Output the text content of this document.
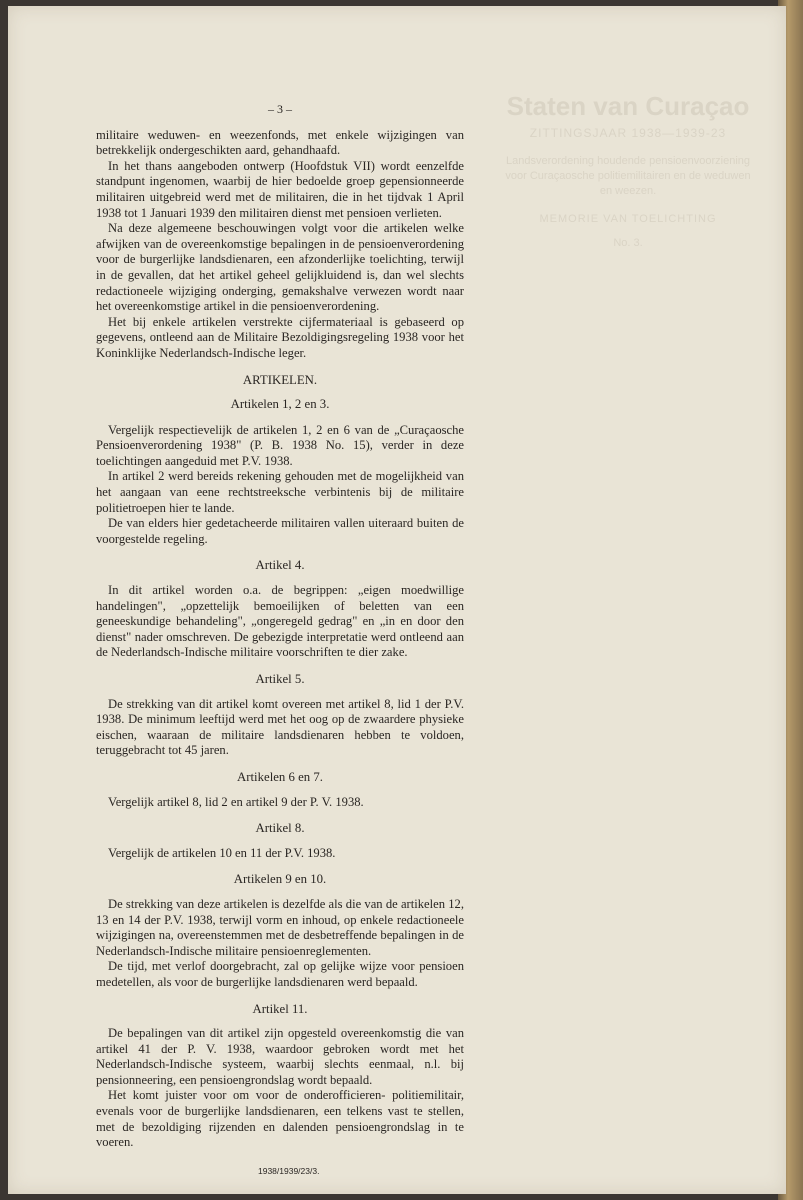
Staten van Curaçao
ZITTINGSJAAR 1938—1939-23
Landsverordening houdende pensioenvoorziening voor Curaçaosche politiemilitairen en de weduwen en weezen.
MEMORIE VAN TOELICHTING
No. 3.
– 3 –

militaire weduwen- en weezenfonds, met enkele wijzigingen van betrekkelijk ondergeschikten aard, gehandhaafd.

In het thans aangeboden ontwerp (Hoofdstuk VII) wordt eenzelfde standpunt ingenomen, waarbij de hier bedoelde groep gepensionneerde militairen uitgebreid werd met de militairen, die in het tijdvak 1 April 1938 tot 1 Januari 1939 den militairen dienst met pensioen verlieten.

Na deze algemeene beschouwingen volgt voor die artikelen welke afwijken van de overeenkomstige bepalingen in de pensioenverordening voor de burgerlijke landsdienaren, een afzonderlijke toelichting, terwijl in de gevallen, dat het artikel geheel gelijkluidend is, dan wel slechts redactioneele wijziging onderging, gemakshalve verwezen wordt naar het overeenkomstige artikel in die pensioenverordening.

Het bij enkele artikelen verstrekte cijfermateriaal is gebaseerd op gegevens, ontleend aan de Militaire Bezoldigingsregeling 1938 voor het Koninklijke Nederlandsch-Indische leger.

ARTIKELEN.
Artikelen 1, 2 en 3.

Vergelijk respectievelijk de artikelen 1, 2 en 6 van de „Curaçaosche Pensioenverordening 1938" (P. B. 1938 No. 15), verder in deze toelichtingen aangeduid met P.V. 1938.

In artikel 2 werd bereids rekening gehouden met de mogelijkheid van het aangaan van eene rechtstreeksche verbintenis bij de militaire politietroepen hier te lande.

De van elders hier gedetacheerde militairen vallen uiteraard buiten de voorgestelde regeling.

Artikel 4.

In dit artikel worden o.a. de begrippen: „eigen moedwillige handelingen", „opzettelijk bemoeilijken of beletten van een geneeskundige behandeling", „ongeregeld gedrag" en „in en door den dienst" nader omschreven. De gebezigde interpretatie werd ontleend aan de Nederlandsch-Indische militaire voorschriften te dier zake.

Artikel 5.

De strekking van dit artikel komt overeen met artikel 8, lid 1 der P.V. 1938. De minimum leeftijd werd met het oog op de zwaardere physieke eischen, waaraan de militaire landsdienaren hebben te voldoen, teruggebracht tot 45 jaren.

Artikelen 6 en 7.

Vergelijk artikel 8, lid 2 en artikel 9 der P. V. 1938.

Artikel 8.

Vergelijk de artikelen 10 en 11 der P.V. 1938.

Artikelen 9 en 10.

De strekking van deze artikelen is dezelfde als die van de artikelen 12, 13 en 14 der P.V. 1938, terwijl vorm en inhoud, op enkele redactioneele wijzigingen na, overeenstemmen met de desbetreffende bepalingen in de Nederlandsch-Indische militaire pensioenreglementen.

De tijd, met verlof doorgebracht, zal op gelijke wijze voor pensioen medetellen, als voor de burgerlijke landsdienaren werd bepaald.

Artikel 11.

De bepalingen van dit artikel zijn opgesteld overeenkomstig die van artikel 41 der P. V. 1938, waardoor gebroken wordt met het Nederlandsch-Indische systeem, waarbij slechts eenmaal, n.l. bij pensionneering, een pensioengrondslag wordt bepaald.

Het komt juister voor om voor de onderofficieren- politiemilitair, evenals voor de burgerlijke landsdienaren, een telkens vast te stellen, met de bezoldiging rijzenden en dalenden pensioengrondslag in te voeren.

1938/1939/23/3.
